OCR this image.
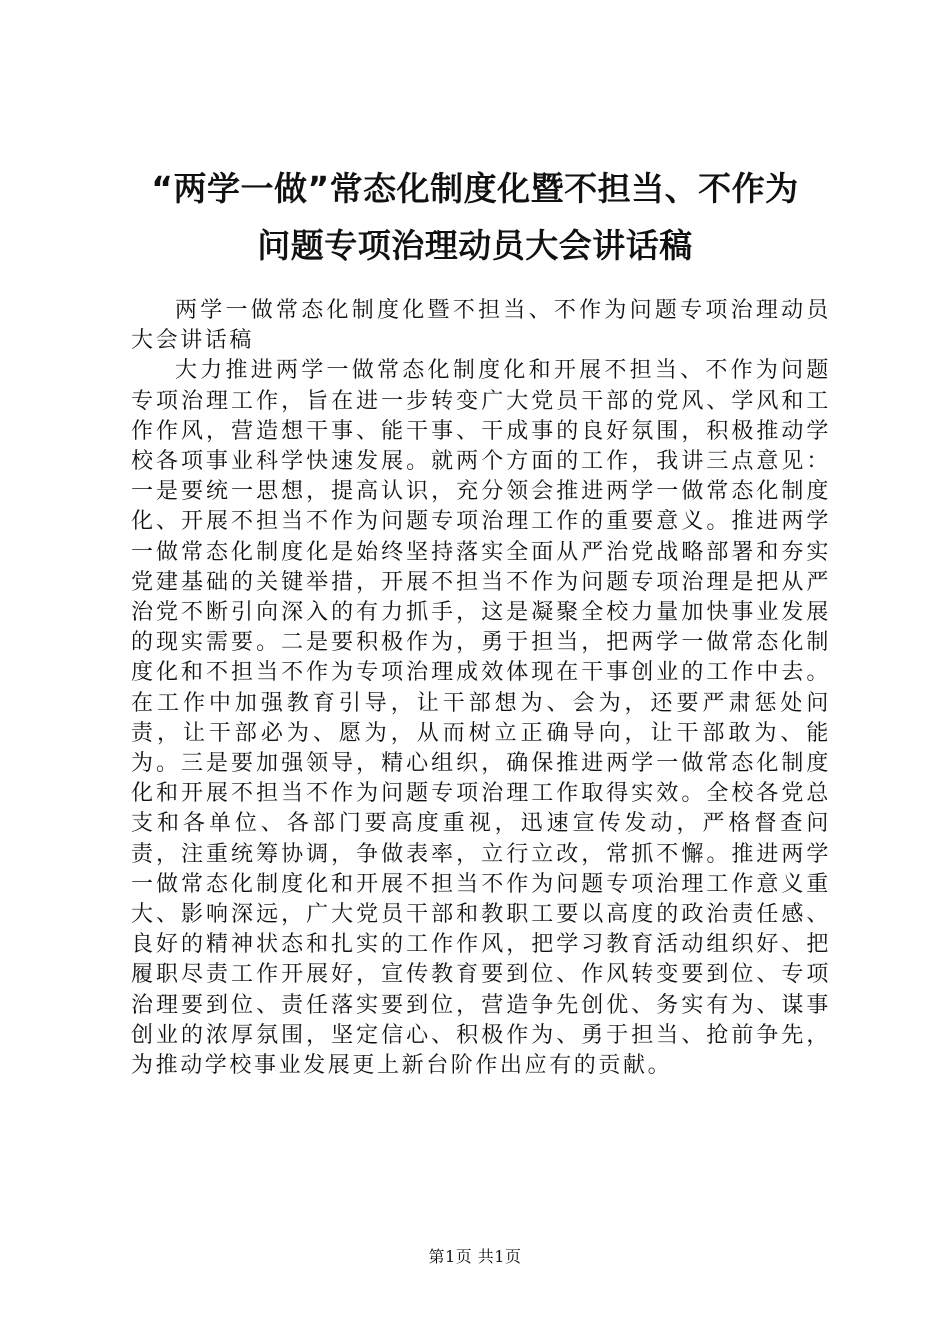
“两学一做”常态化制度化暨不担当、不作为
问题专项治理动员大会讲话稿

两学一做常态化制度化暨不担当、不作为问题专项治理动员大会讲话稿

大力推进两学一做常态化制度化和开展不担当、不作为问题专项治理工作，旨在进一步转变广大党员干部的党风、学风和工作作风，营造想干事、能干事、干成事的良好氛围，积极推动学校各项事业科学快速发展。就两个方面的工作，我讲三点意见：一是要统一思想，提高认识，充分领会推进两学一做常态化制度化、开展不担当不作为问题专项治理工作的重要意义。推进两学一做常态化制度化是始终坚持落实全面从严治党战略部署和夯实党建基础的关键举措，开展不担当不作为问题专项治理是把从严治党不断引向深入的有力抓手，这是凝聚全校力量加快事业发展的现实需要。二是要积极作为，勇于担当，把两学一做常态化制度化和不担当不作为专项治理成效体现在干事创业的工作中去。在工作中加强教育引导，让干部想为、会为，还要严肃惩处问责，让干部必为、愿为，从而树立正确导向，让干部敢为、能为。三是要加强领导，精心组织，确保推进两学一做常态化制度化和开展不担当不作为问题专项治理工作取得实效。全校各党总支和各单位、各部门要高度重视，迅速宣传发动，严格督查问责，注重统筹协调，争做表率，立行立改，常抓不懈。推进两学一做常态化制度化和开展不担当不作为问题专项治理工作意义重大、影响深远，广大党员干部和教职工要以高度的政治责任感、良好的精神状态和扎实的工作作风，把学习教育活动组织好、把履职尽责工作开展好，宣传教育要到位、作风转变要到位、专项治理要到位、责任落实要到位，营造争先创优、务实有为、谋事创业的浓厚氛围，坚定信心、积极作为、勇于担当、抢前争先，为推动学校事业发展更上新台阶作出应有的贡献。

第1页 共1页
